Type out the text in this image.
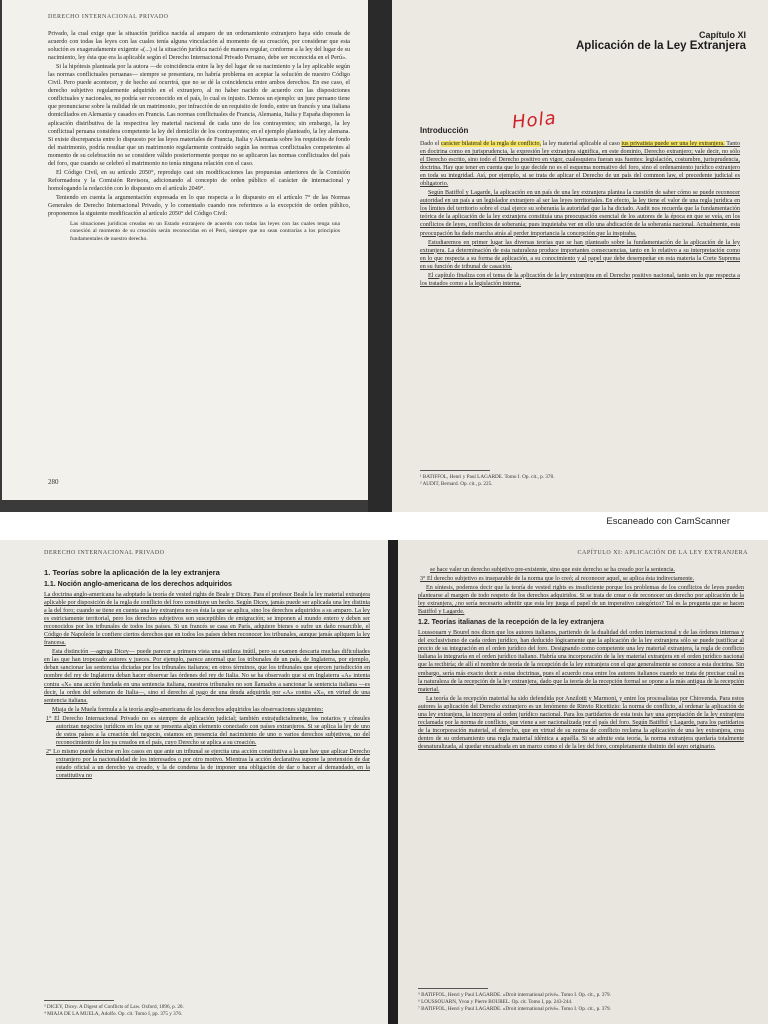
DERECHO INTERNACIONAL PRIVADO

Privado, la cual exige que la situación jurídica nacida al amparo de un ordenamiento extranjero haya sido creada de acuerdo con todas las leyes con las cuales tenía alguna vinculación al momento de su creación, por considerar que esta solución es exageradamente exigente «(...) si la situación jurídica nació de manera regular, conforme a la ley del lugar de su nacimiento, ley ésta que era la aplicable según el Derecho Internacional Privado Peruano, debe ser reconocida en el Perú».

Si la hipótesis planteada por la autora —de coincidencia entre la ley del lugar de su nacimiento y la ley aplicable según las normas conflictuales peruanas— siempre se presentara, no habría problema en aceptar la solución de nuestro Código Civil. Pero puede acontecer, y de hecho así ocurrirá, que no se dé la coincidencia entre ambos derechos. En ese caso, el derecho subjetivo regularmente adquirido en el extranjero, al no haber nacido de acuerdo con las disposiciones conflictuales y nacionales, no podría ser reconocido en el país, lo cual es injusto. Demos un ejemplo: un juez peruano tiene que pronunciarse sobre la nulidad de un matrimonio, por infracción de un requisito de fondo, entre un francés y una italiana domiciliados en Alemania y casados en Francia. Las normas conflictuales de Francia, Alemania, Italia y España disponen la aplicación distributiva de la respectiva ley material nacional de cada uno de los contrayentes; sin embargo, la ley conflictual peruana considera competente la ley del domicilio de los contrayentes; en el ejemplo planteado, la ley alemana. Si existe discrepancia entre lo dispuesto por las leyes materiales de Francia, Italia y Alemania sobre los requisitos de fondo del matrimonio, podría resultar que un matrimonio regularmente contraído según las normas conflictuales competentes al momento de su celebración no se considere válido posteriormente porque no se aplicaron las normas conflictuales del país del foro, que cuando se celebró el matrimonio no tenía ninguna relación con el caso.

El Código Civil, en su artículo 2050°, reprodujo casi sin modificaciones las propuestas anteriores de la Comisión Reformadora y la Comisión Revisora, adicionando al concepto de orden público el carácter de internacional y homologando la redacción con lo dispuesto en el artículo 2049°.

Teniendo en cuenta la argumentación expresada en lo que respecta a lo dispuesto en el artículo 7° de las Normas Generales de Derecho Internacional Privado, y lo comentado cuando nos referimos a la excepción de orden público, proponemos la siguiente modificación al artículo 2050° del Código Civil:

Las situaciones jurídicas creadas en un Estado extranjero de acuerdo con todas las leyes con las cuales tenga una conexión al momento de su creación serán reconocidas en el Perú, siempre que no sean contrarias a los principios fundamentales de nuestro derecho.

280
Capítulo XI
Aplicación de la Ley Extranjera
Hola
Introducción

Dado el carácter bilateral de la regla de conflicto, la ley material aplicable al caso ius privatista puede ser una ley extranjera. Tanto en doctrina como en jurisprudencia, la expresión ley extranjera significa, en este dominio, Derecho extranjero; vale decir, no sólo el Derecho escrito, sino todo el Derecho positivo en vigor, cualesquiera fueran sus fuentes: legislación, costumbre, jurisprudencia, doctrina. Hay que tener en cuenta que lo que decide no es el esquema normativo del foro, sino el ordenamiento jurídico extranjero en toda su integridad. Así, por ejemplo, si se trata de aplicar el Derecho de un país del common law, el precedente judicial es obligatorio.

Según Batiffol y Lagarde, la aplicación en un país de una ley extranjera plantea la cuestión de saber cómo se puede reconocer autoridad en un país a un legislador extranjero al ser las leyes territoriales. En efecto, la ley tiene el valor de una regla jurídica en los límites del territorio sobre el cual ejerce su soberanía la autoridad que la ha dictado. Audit nos recuerda que la fundamentación teórica de la aplicación de la ley extranjera constituía una preocupación esencial de los autores de la época en que se veía, en los conflictos de leyes, conflictos de soberanía; pues inquietaba ver en ello una abdicación de la soberanía nacional. Actualmente, esta preocupación ha dado marcha atrás al perder importancia la concepción que la inspiraba.

Estudiaremos en primer lugar las diversas teorías que se han planteado sobre la fundamentación de la aplicación de la ley extranjera. La determinación de esta naturaleza produce importantes consecuencias, tanto en lo relativo a su interpretación como en lo que respecta a su forma de aplicación, a su conocimiento y al papel que debe desempeñar en esta materia la Corte Suprema en su función de tribunal de casación.

El capítulo finaliza con el tema de la aplicación de la ley extranjera en el Derecho positivo nacional, tanto en lo que respecta a los tratados como a la legislación interna.

¹ BATIFFOL, Henri y Paul LAGARDE. Tomo I. Op. cit., p. 378.
² AUDIT, Bernard. Op. cit., p. 225.
Escaneado con CamScanner
DERECHO INTERNACIONAL PRIVADO

1. Teorías sobre la aplicación de la ley extranjera

1.1. Noción anglo-americana de los derechos adquiridos

La doctrina anglo-americana ha adoptado la teoría de vested rights de Beale y Dicey. Para el profesor Beale la ley material extranjera aplicable por disposición de la regla de conflicto del foro constituye un hecho. Según Dicey, jamás puede ser aplicada una ley distinta a la del foro; cuando se tiene en cuenta una ley extranjera no es ésta la que se aplica, sino los derechos adquiridos a su amparo. La ley es estrictamente territorial, pero los derechos subjetivos son susceptibles de emigración; se imponen al mundo entero y deben ser reconocidos por los tribunales de todos los países. Si un francés se casa en París, adquiere bienes o sufre un daño resarcible, el Código de Napoleón le confiere ciertos derechos que en todos los países deben reconocer los tribunales, aunque jamás apliquen la ley francesa.

Esta distinción —agrega Dicey— puede parecer a primera vista una sutileza inútil, pero su examen descarta muchas dificultades en las que han tropezado autores y jueces. Por ejemplo, parece anormal que los tribunales de un país, de Inglaterra, por ejemplo, deban sancionar las sentencias dictadas por los tribunales italianos; en otros términos, que los tribunales que ejercen jurisdicción en nombre del rey de Inglaterra deban hacer observar las órdenes del rey de Italia. No se ha observado que si en Inglaterra «A» intenta contra «X» una acción fundada en una sentencia italiana, nuestros tribunales no son llamados a sancionar la sentencia italiana —es decir, la orden del soberano de Italia—, sino el derecho al pago de una deuda adquirida por «A» contra «X», en virtud de una sentencia italiana.

Miaja de la Muela formula a la teoría anglo-americana de los derechos adquiridos las observaciones siguientes:

1° El Derecho Internacional Privado no es siempre de aplicación judicial; también extrajudicialmente, los notarios y cónsules autorizan negocios jurídicos en los que se presenta algún elemento conectado con países extranjeros. Si se aplica la ley de uno de estos países a la creación del negocio, estamos en presencia del nacimiento de uno o varios derechos subjetivos, no del reconocimiento de los ya creados en el país, cuyo Derecho se aplica a su creación.

2° Lo mismo puede decirse en los casos en que ante un tribunal se ejercita una acción constitutiva a la que hay que aplicar Derecho extranjero por la nacionalidad de los interesados o por otro motivo. Mientras la acción declarativa supone la pretensión de dar estado oficial a un derecho ya creado, y la de condena la de imponer una obligación de dar o hacer al demandado, en la constitutiva no

³ DICEY, Dicey. A Digest of Conflicts of Law. Oxford, 1896, p. 20.
⁴ MIAJA DE LA MUELA, Adolfo. Op. cit. Tomo I, pp. 375 y 376.
CAPÍTULO XI: APLICACIÓN DE LA LEY EXTRANJERA

se hace valer un derecho subjetivo pre-existente, sino que este derecho se ha creado por la sentencia.

3° El derecho subjetivo es inseparable de la norma que lo creó; al reconocer aquel, se aplica ésta indirectamente.

En síntesis, podemos decir que la teoría de vested rights es insuficiente porque los problemas de los conflictos de leyes pueden plantearse al margen de todo respeto de los derechos adquiridos. Si se trata de crear o de reconocer un derecho por aplicación de la ley extranjera, ¿no sería necesario admitir que esta ley juega el papel de un imperativo categórico? Tal es la pregunta que se hacen Batiffol y Lagarde.

1.2. Teorías italianas de la recepción de la ley extranjera

Loussouarn y Bourel nos dicen que los autores italianos, partiendo de la dualidad del orden internacional y de las órdenes internas y del exclusivismo de cada orden jurídico, han deducido lógicamente que la aplicación de la ley extranjera sólo se puede justificar al precio de su integración en el orden jurídico del foro. Designando como competente una ley material extranjera, la regla de conflicto italiana la integraría en el orden jurídico italiano. Habría una incorporación de la ley material extranjera en el orden jurídico nacional que la recibiría; de allí el nombre de teoría de la recepción de la ley extranjera con el que generalmente se conoce a esta doctrina. Sin embargo, sería más exacto decir a estas doctrinas, pues el acuerdo cesa entre los autores italianos cuando se trata de precisar cuál es la naturaleza de la recepción de la ley extranjera, dado que la teoría de la recepción formal se opone a la más antigua de la recepción material.

La teoría de la recepción material ha sido defendida por Anzilotti y Marmoni, y entre los procesalistas por Chiovenda. Para estos autores la aplicación del Derecho extranjero es un fenómeno de Rinvio Ricettizio: la norma de conflicto, al ordenar la aplicación de una ley extranjera, la incorpora al orden jurídico nacional. Para los partidarios de esta tesis hay una apropiación de la ley extranjera reclamada por la norma de conflicto, que viene a ser nacionalizada por el país del foro. Según Batiffol y Lagarde, para los partidarios de la incorporación material, el derecho, que en virtud de su norma de conflicto reclama la aplicación de una ley extranjera, crea dentro de su ordenamiento una regla material idéntica a aquélla. Si se admite esta teoría, la norma extranjera quedaría totalmente desnaturalizada, al quedar encuadrada en un marco como el de la ley del foro, completamente distinto del suyo originario.

⁵ BATIFFOL, Henri y Paul LAGARDE. «Droit international privé». Tomo I. Op. cit., p. 379.
⁶ LOUSSOUARN, Yvon y Pierre BOUREL. Op. cit. Tomo I, pp. 243-244.
⁷ BATIFFOL, Henri y Paul LAGARDE. «Droit international privé». Tomo I. Op. cit., p. 379.
